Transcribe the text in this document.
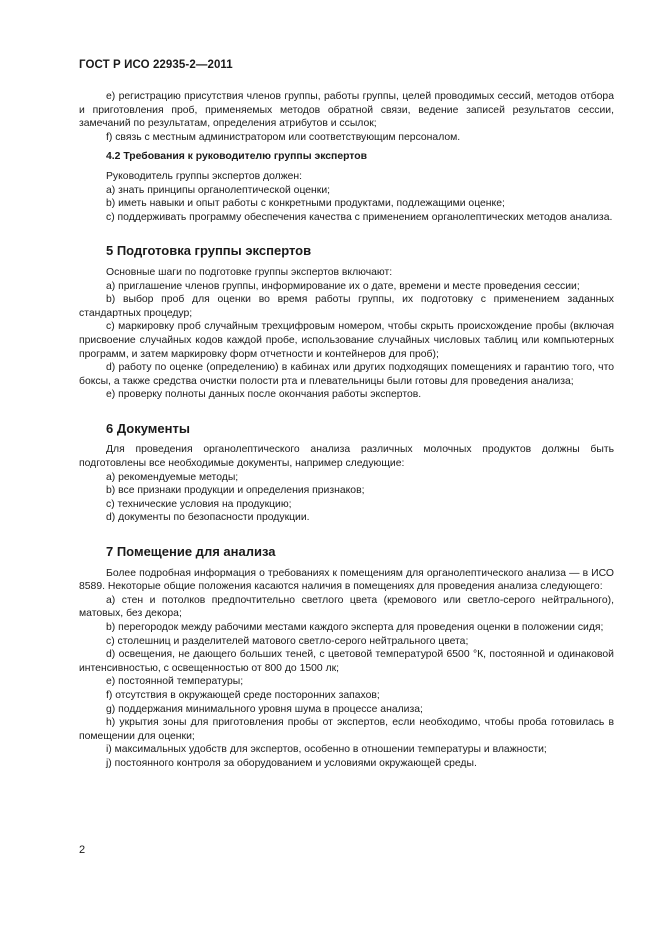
ГОСТ Р ИСО 22935-2—2011
e) регистрацию присутствия членов группы, работы группы, целей проводимых сессий, методов отбора и приготовления проб, применяемых методов обратной связи, ведение записей результатов сессии, замечаний по результатам, определения атрибутов и ссылок;
f) связь с местным администратором или соответствующим персоналом.
4.2 Требования к руководителю группы экспертов
Руководитель группы экспертов должен:
а) знать принципы органолептической оценки;
b) иметь навыки и опыт работы с конкретными продуктами, подлежащими оценке;
с) поддерживать программу обеспечения качества с применением органолептических методов анализа.
5 Подготовка группы экспертов
Основные шаги по подготовке группы экспертов включают:
а) приглашение членов группы, информирование их о дате, времени и месте проведения сессии;
b) выбор проб для оценки во время работы группы, их подготовку с применением заданных стандартных процедур;
с) маркировку проб случайным трехцифровым номером, чтобы скрыть происхождение пробы (включая присвоение случайных кодов каждой пробе, использование случайных числовых таблиц или компьютерных программ, и затем маркировку форм отчетности и контейнеров для проб);
d) работу по оценке (определению) в кабинах или других подходящих помещениях и гарантию того, что боксы, а также средства очистки полости рта и плевательницы были готовы для проведения анализа;
е) проверку полноты данных после окончания работы экспертов.
6 Документы
Для проведения органолептического анализа различных молочных продуктов должны быть подготовлены все необходимые документы, например следующие:
а) рекомендуемые методы;
b) все признаки продукции и определения признаков;
с) технические условия на продукцию;
d) документы по безопасности продукции.
7 Помещение для анализа
Более подробная информация о требованиях к помещениям для органолептического анализа — в ИСО 8589. Некоторые общие положения касаются наличия в помещениях для проведения анализа следующего:
а) стен и потолков предпочтительно светлого цвета (кремового или светло-серого нейтрального), матовых, без декора;
b) перегородок между рабочими местами каждого эксперта для проведения оценки в положении сидя;
с) столешниц и разделителей матового светло-серого нейтрального цвета;
d) освещения, не дающего больших теней, с цветовой температурой 6500 °К, постоянной и одинаковой интенсивностью, с освещенностью от 800 до 1500 лк;
е) постоянной температуры;
f) отсутствия в окружающей среде посторонних запахов;
g) поддержания минимального уровня шума в процессе анализа;
h) укрытия зоны для приготовления пробы от экспертов, если необходимо, чтобы проба готовилась в помещении для оценки;
i) максимальных удобств для экспертов, особенно в отношении температуры и влажности;
j) постоянного контроля за оборудованием и условиями окружающей среды.
2
